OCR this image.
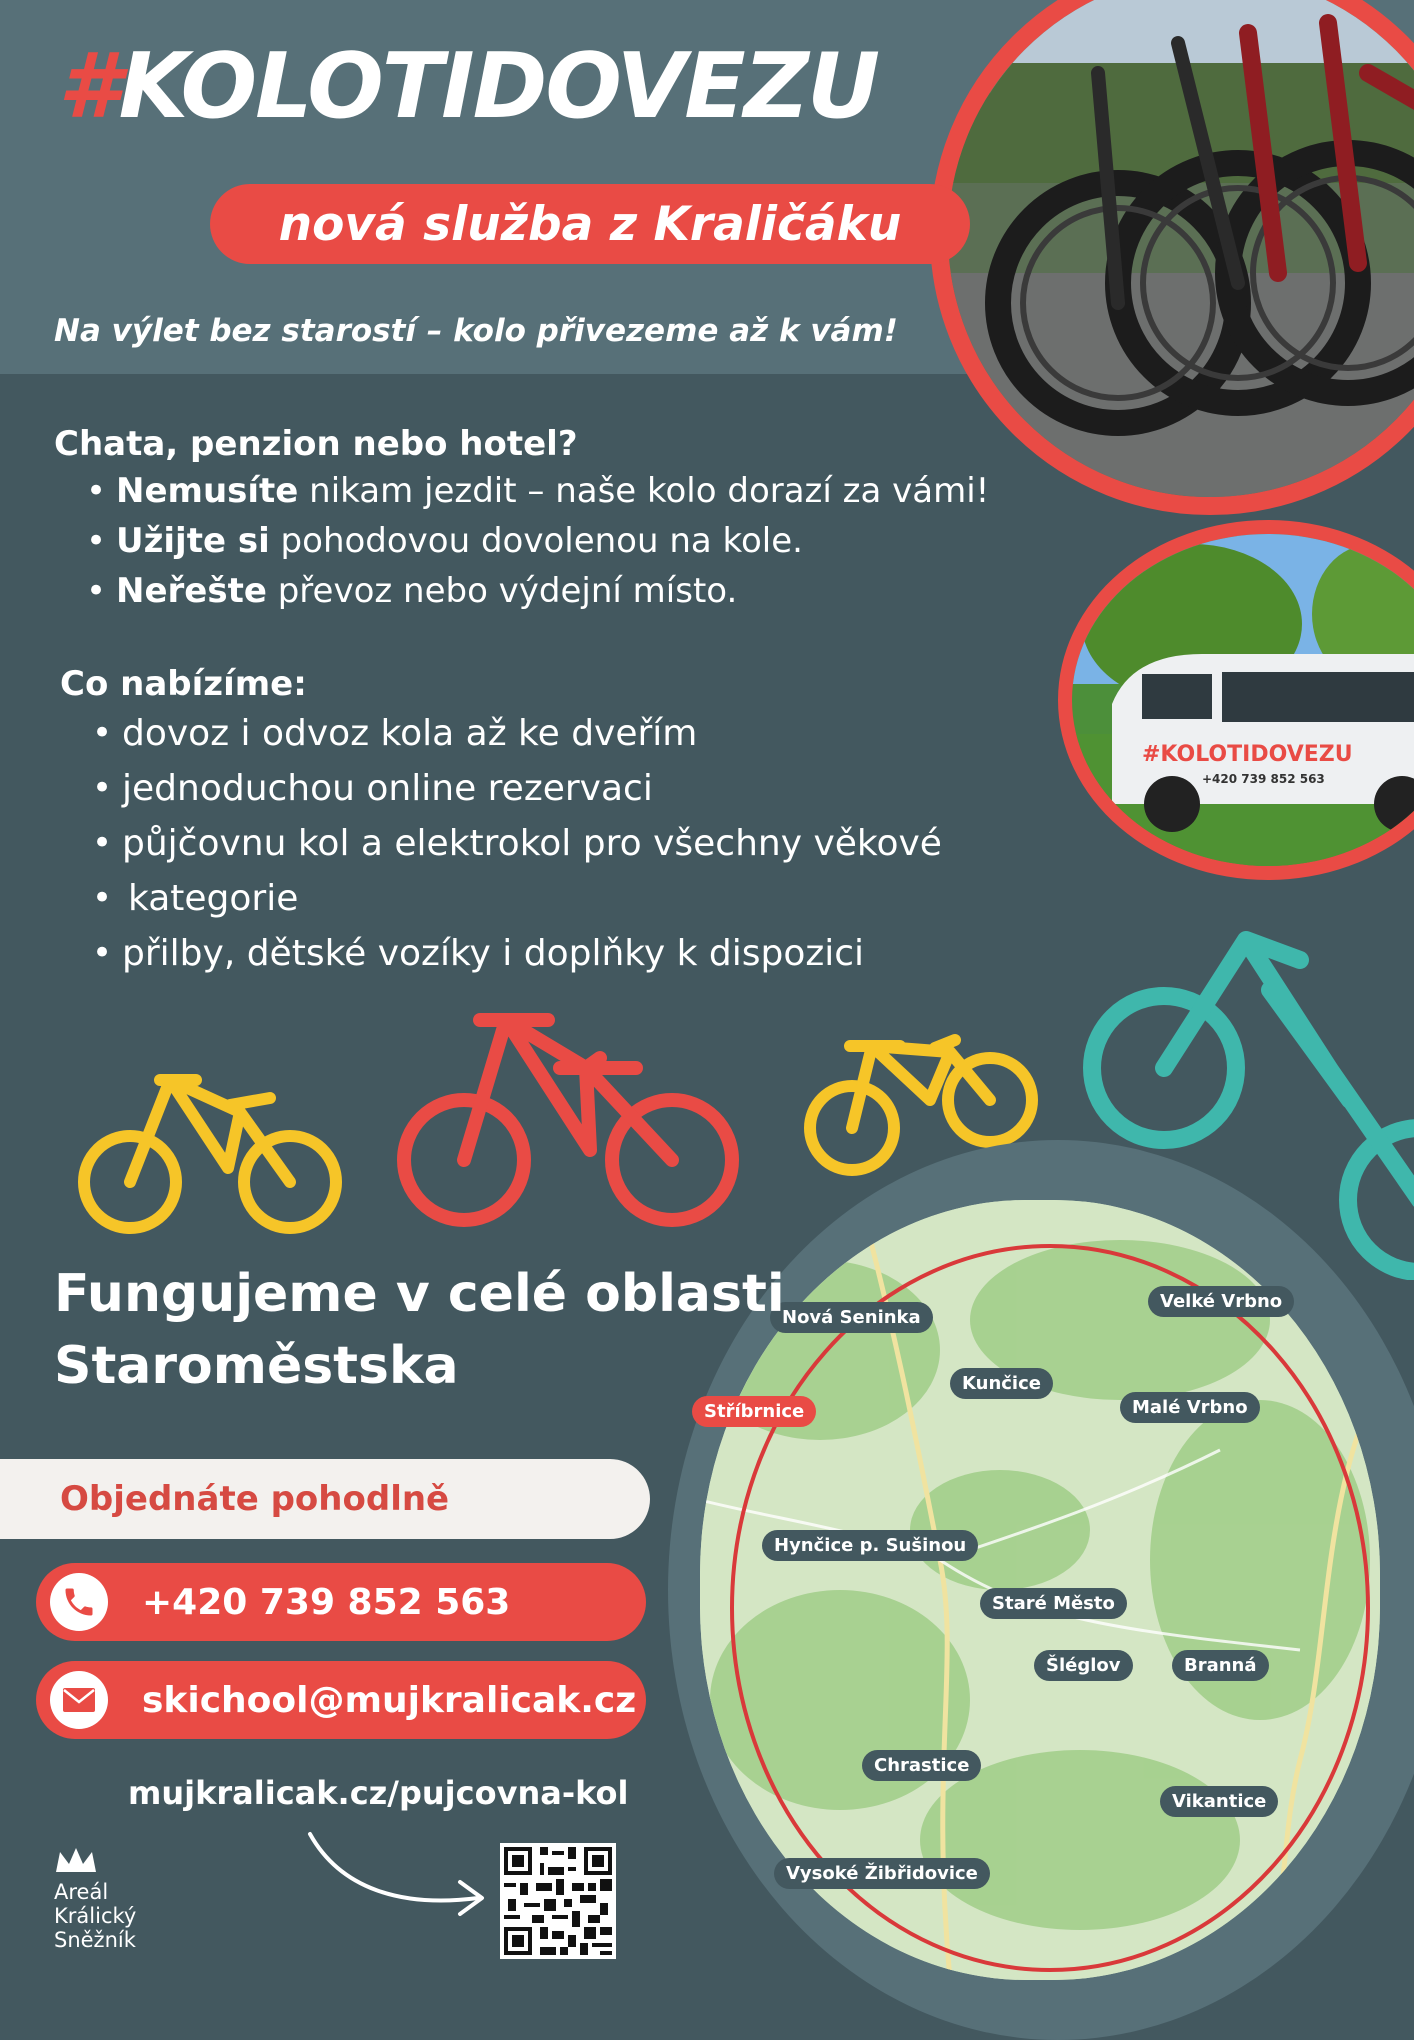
#KOLOTIDOVEZU
+420 739 852 563
#KOLOTIDOVEZU
nová služba z Kraličáku
Na výlet bez starostí – kolo přivezeme až k vám!
Chata, penzion nebo hotel?
• Nemusíte nikam jezdit – naše kolo dorazí za vámi!
• Užijte si pohodovou dovolenou na kole.
• Neřešte převoz nebo výdejní místo.
Co nabízíme:
• dovoz i odvoz kola až ke dveřím
• jednoduchou online rezervaci
• půjčovnu kol a elektrokol pro všechny věkové
• kategorie
• přilby, dětské vozíky i doplňky k dispozici
Nová Seninka
Velké Vrbno
Kunčice
Stříbrnice	Malé Vrbno
Hynčice p. Sušinou
Staré Město
Šléglov	Branná
Chrastice
Vikantice
Vysoké Žibřidovice
Fungujeme v celé oblasti
Staroměstska
Objednáte pohodlně
+420 739 852 563
skichool@mujkralicak.cz
mujkralicak.cz/pujcovna-kol
Areál
Králický
Sněžník
